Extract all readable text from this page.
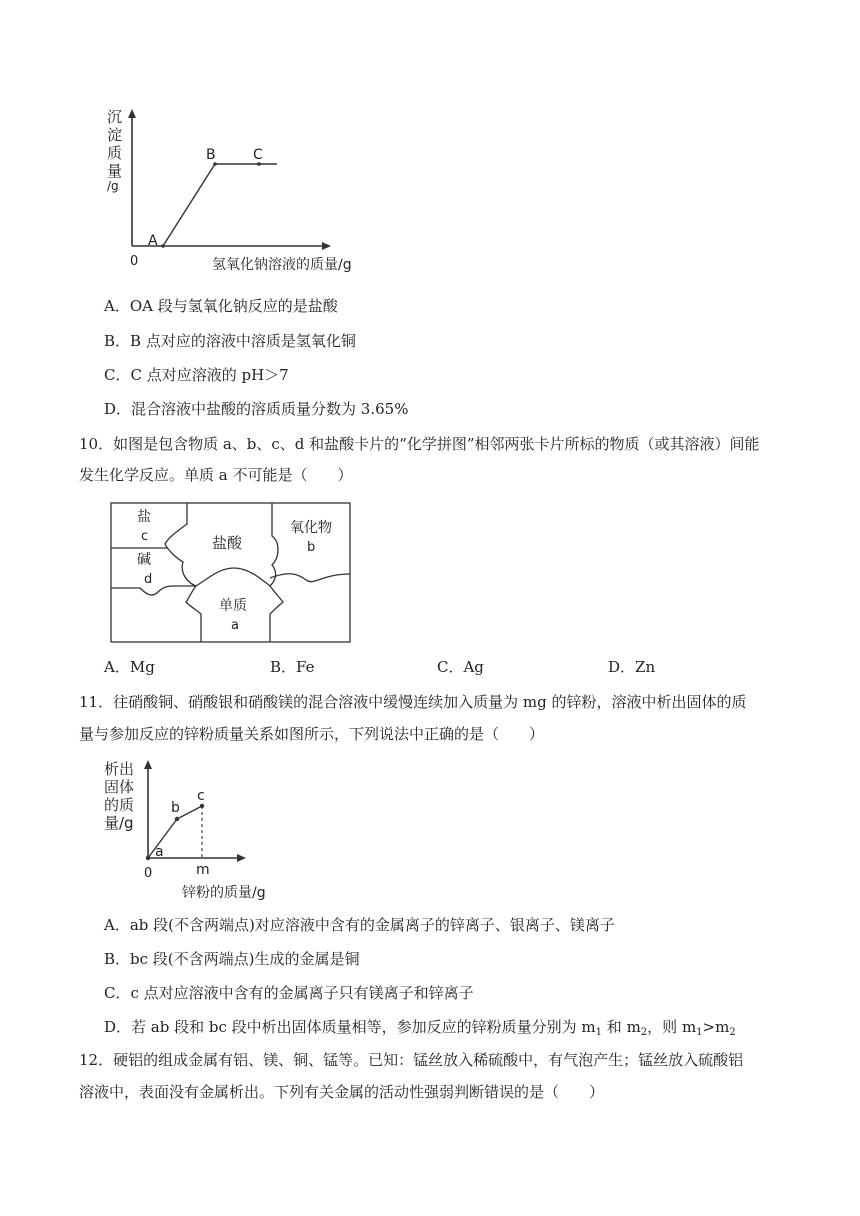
沉
淀
质
量
/g
0
A
B	C
氢氧化钠溶液的质量/g
A．OA 段与氢氧化钠反应的是盐酸
B．B 点对应的溶液中溶质是氢氧化铜
C．C 点对应溶液的 pH＞7
D．混合溶液中盐酸的溶质质量分数为 3.65%
10．如图是包含物质 a、b、c、d 和盐酸卡片的“化学拼图”相邻两张卡片所标的物质（或其溶液）间能
发生化学反应。单质 a 不可能是（　　）
盐
c
碱
d
盐酸
氧化物
b
单质
a
A．Mg	B．Fe	C．Ag	D．Zn
11．往硝酸铜、硝酸银和硝酸镁的混合溶液中缓慢连续加入质量为 mg 的锌粉，溶液中析出固体的质
量与参加反应的锌粉质量关系如图所示，下列说法中正确的是（　　）
析出
固体
的质
量/g
0
a
b
c
m
锌粉的质量/g
A．ab 段(不含两端点)对应溶液中含有的金属离子的锌离子、银离子、镁离子
B．bc 段(不含两端点)生成的金属是铜
C．c 点对应溶液中含有的金属离子只有镁离子和锌离子
D．若 ab 段和 bc 段中析出固体质量相等，参加反应的锌粉质量分别为 $m_1$ 和 $m_2$，则 $m_1>m_2$
12．硬铝的组成金属有铝、镁、铜、锰等。已知：锰丝放入稀硫酸中，有气泡产生；锰丝放入硫酸铝
溶液中，表面没有金属析出。下列有关金属的活动性强弱判断错误的是（　　）
